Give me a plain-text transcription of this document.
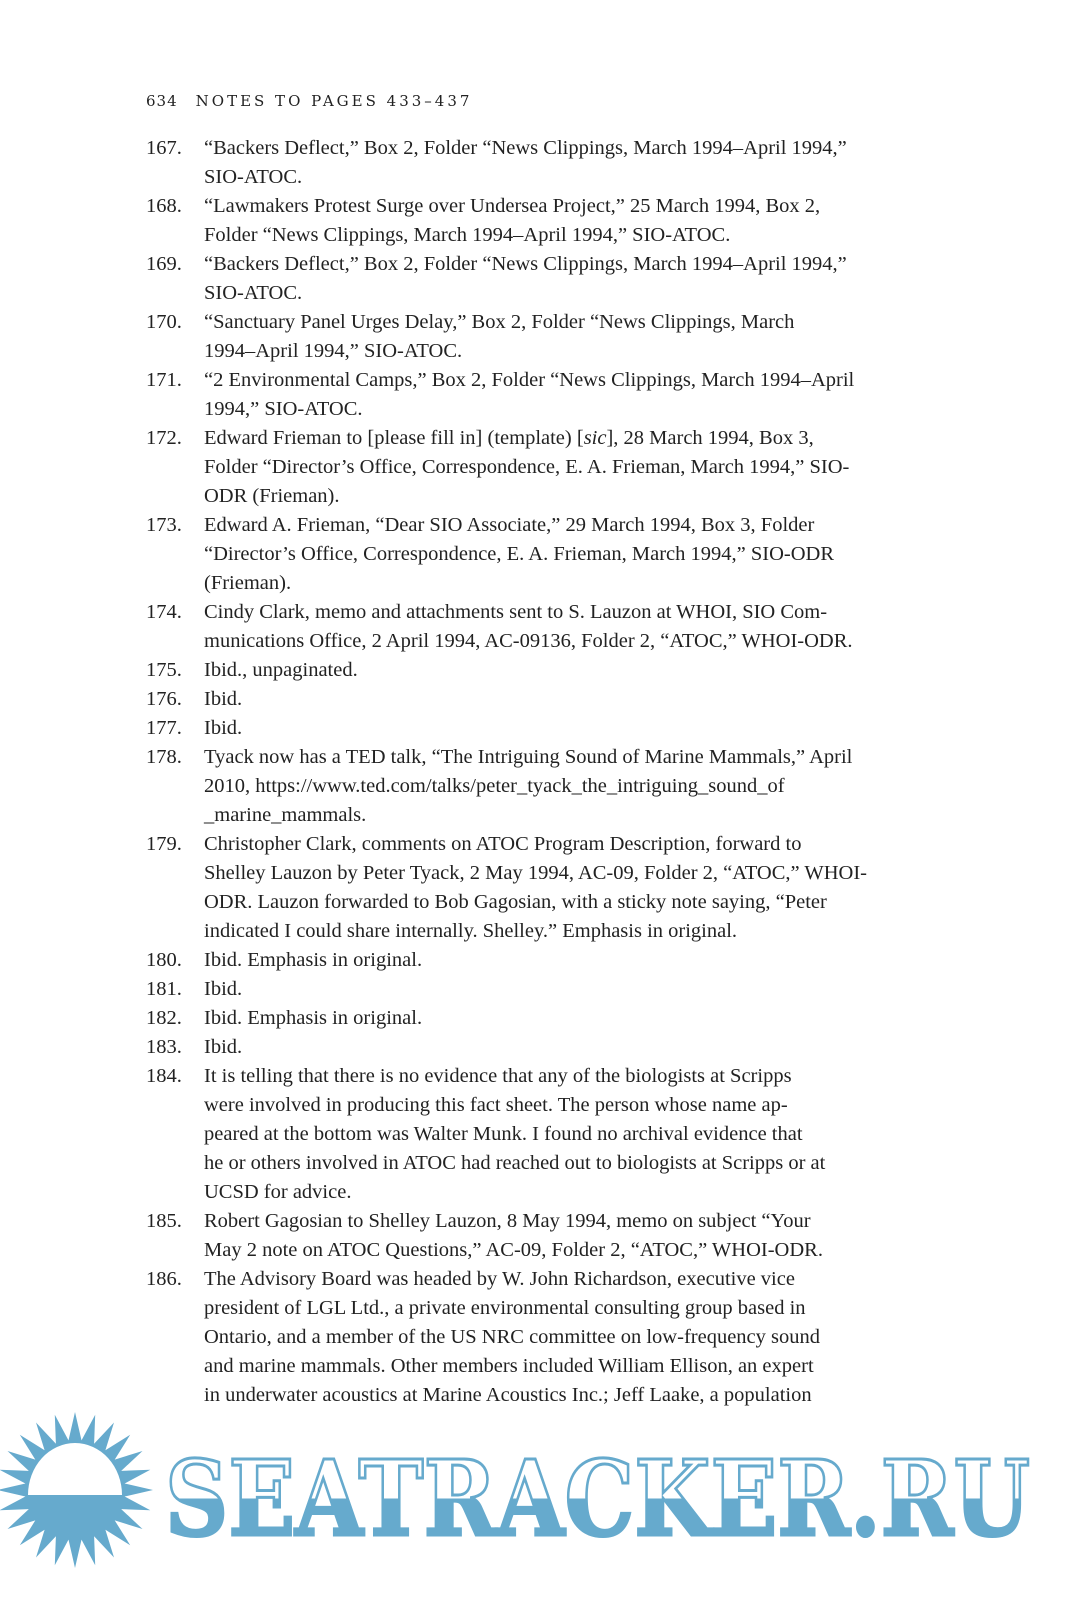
634 NOTES TO PAGES 433–437
167.	“Backers Deflect,” Box 2, Folder “News Clippings, March 1994–April 1994,”
SIO-ATOC.
168.	“Lawmakers Protest Surge over Undersea Project,” 25 March 1994, Box 2,
Folder “News Clippings, March 1994–April 1994,” SIO-ATOC.
169.	“Backers Deflect,” Box 2, Folder “News Clippings, March 1994–April 1994,”
SIO-ATOC.
170.	“Sanctuary Panel Urges Delay,” Box 2, Folder “News Clippings, March
1994–April 1994,” SIO-ATOC.
171.	“2 Environmental Camps,” Box 2, Folder “News Clippings, March 1994–April
1994,” SIO-ATOC.
172.	Edward Frieman to [please fill in] (template) [sic], 28 March 1994, Box 3,
Folder “Director’s Office, Correspondence, E. A. Frieman, March 1994,” SIO-
ODR (Frieman).
173.	Edward A. Frieman, “Dear SIO Associate,” 29 March 1994, Box 3, Folder
“Director’s Office, Correspondence, E. A. Frieman, March 1994,” SIO-ODR
(Frieman).
174.	Cindy Clark, memo and attachments sent to S. Lauzon at WHOI, SIO Com-
munications Office, 2 April 1994, AC-09136, Folder 2, “ATOC,” WHOI-ODR.
175.	Ibid., unpaginated.
176.	Ibid.
177.	Ibid.
178.	Tyack now has a TED talk, “The Intriguing Sound of Marine Mammals,” April
2010, https://www.ted.com/talks/peter_tyack_the_intriguing_sound_of
_marine_mammals.
179.	Christopher Clark, comments on ATOC Program Description, forward to
Shelley Lauzon by Peter Tyack, 2 May 1994, AC-09, Folder 2, “ATOC,” WHOI-
ODR. Lauzon forwarded to Bob Gagosian, with a sticky note saying, “Peter
indicated I could share internally. Shelley.” Emphasis in original.
180.	Ibid. Emphasis in original.
181.	Ibid.
182.	Ibid. Emphasis in original.
183.	Ibid.
184.	It is telling that there is no evidence that any of the biologists at Scripps
were involved in producing this fact sheet. The person whose name ap-
peared at the bottom was Walter Munk. I found no archival evidence that
he or others involved in ATOC had reached out to biologists at Scripps or at
UCSD for advice.
185.	Robert Gagosian to Shelley Lauzon, 8 May 1994, memo on subject “Your
May 2 note on ATOC Questions,” AC-09, Folder 2, “ATOC,” WHOI-ODR.
186.	The Advisory Board was headed by W. John Richardson, executive vice
president of LGL Ltd., a private environmental consulting group based in
Ontario, and a member of the US NRC committee on low-frequency sound
and marine mammals. Other members included William Ellison, an expert
in underwater acoustics at Marine Acoustics Inc.; Jeff Laake, a population
SEATRACKER.RU
